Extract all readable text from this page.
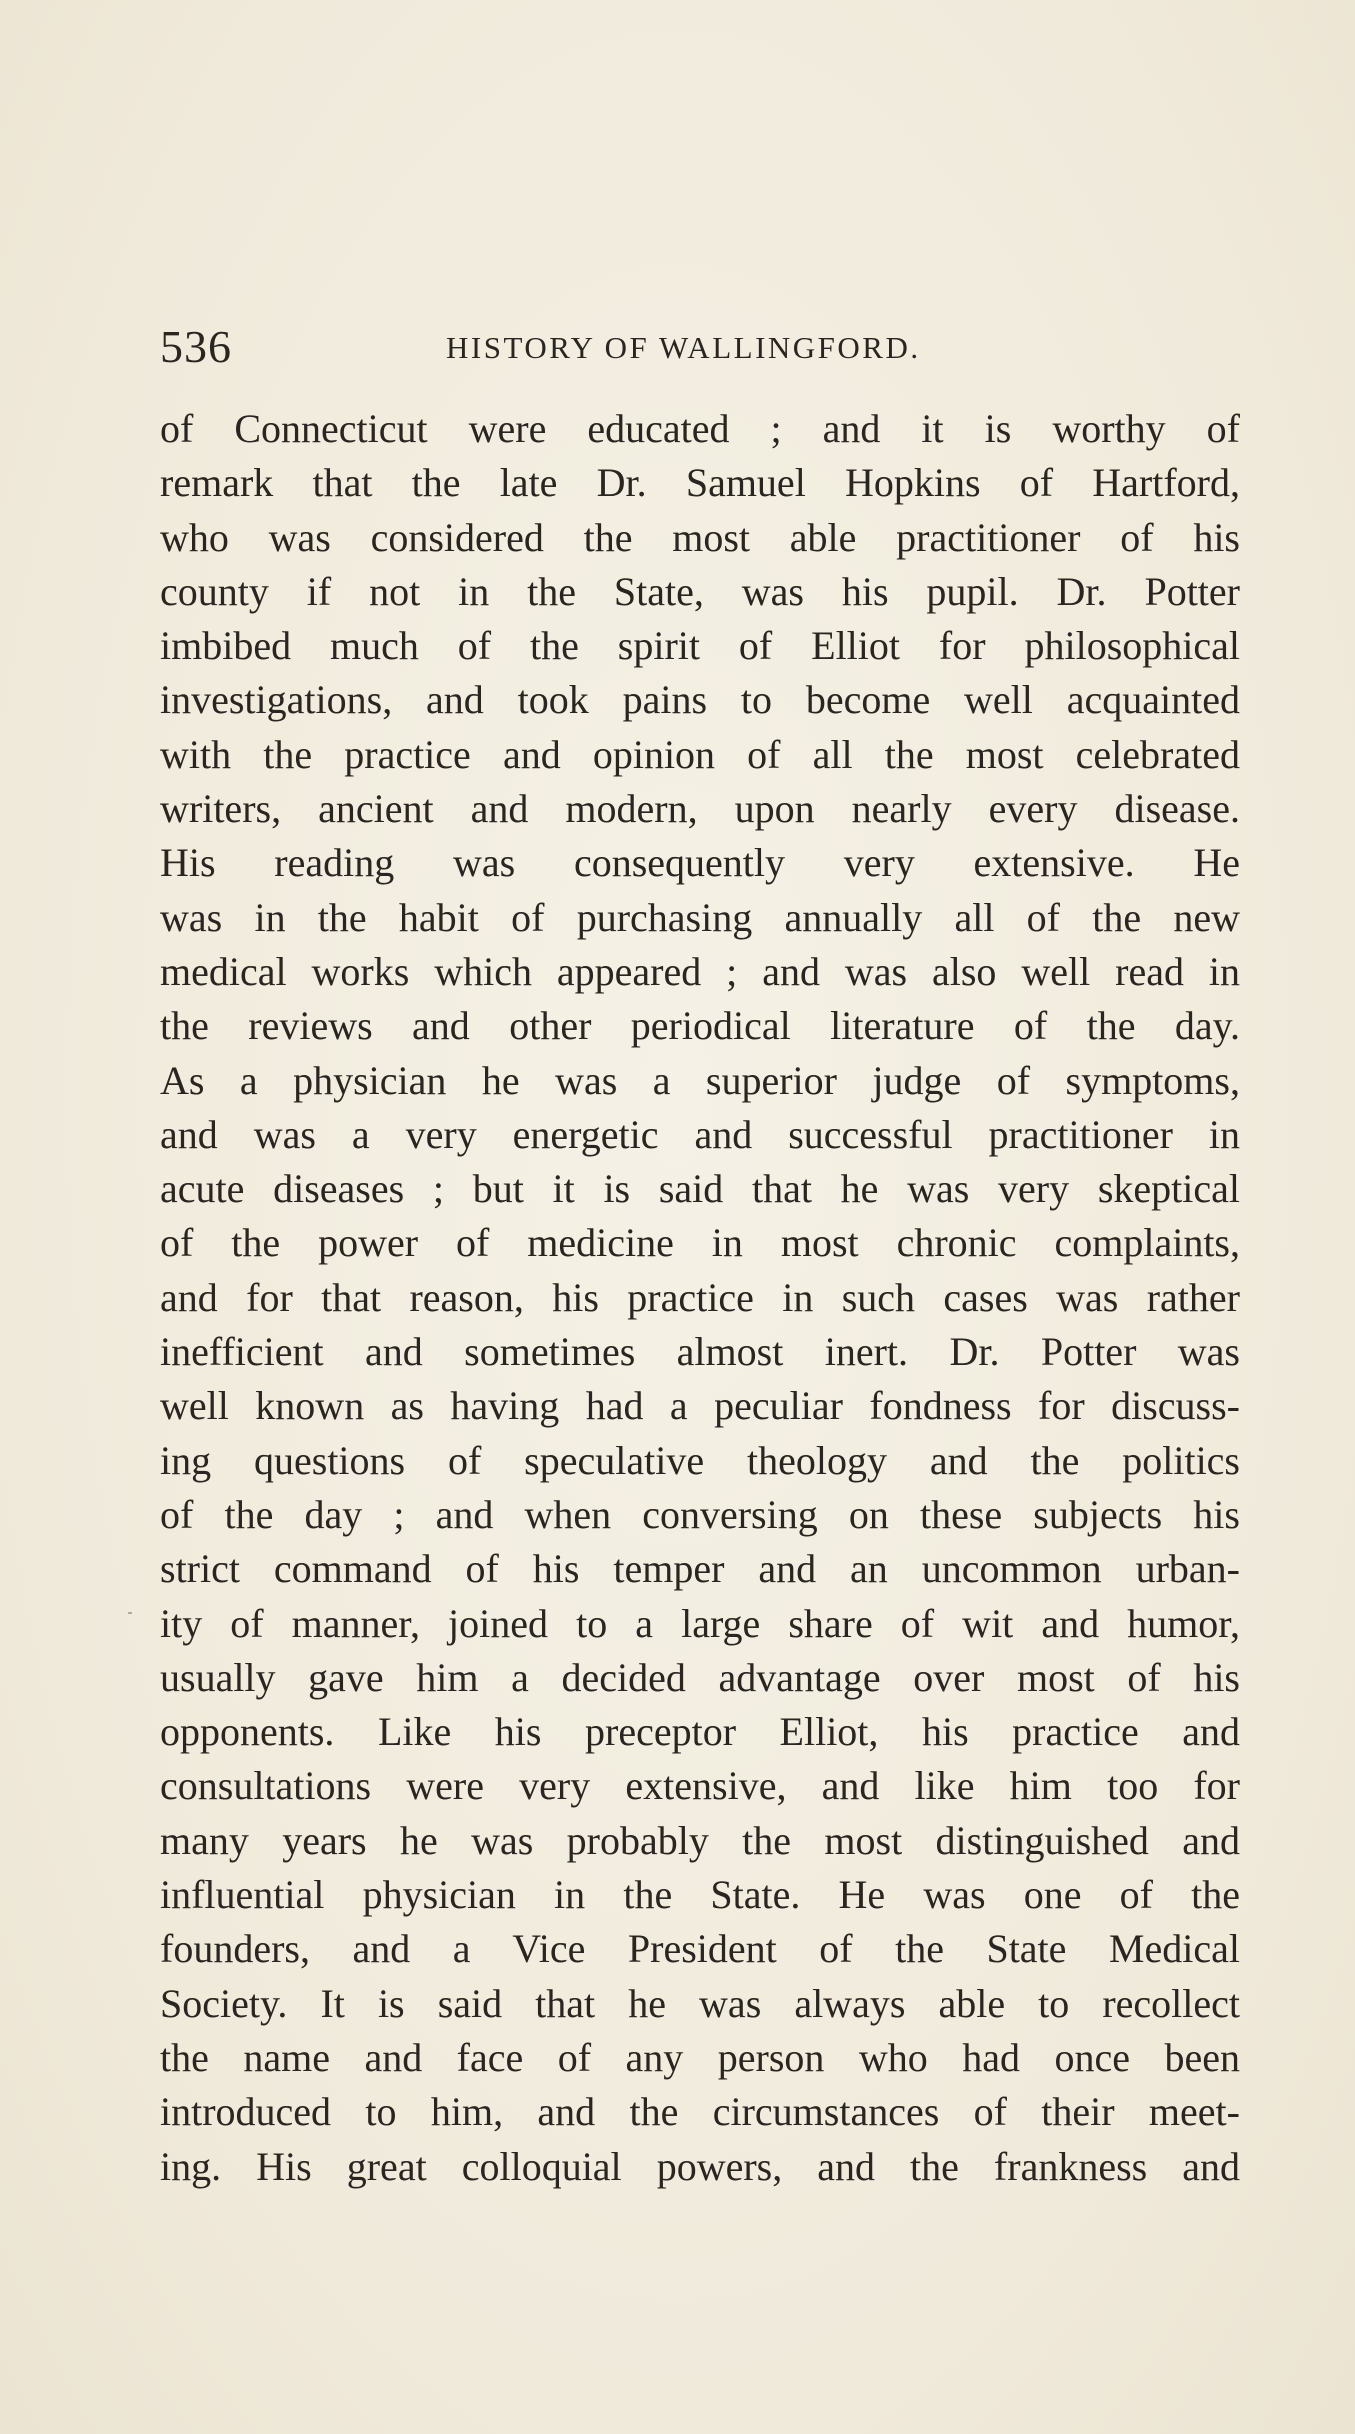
536	HISTORY OF WALLINGFORD.
of Connecticut were educated ; and it is worthy of
remark that the late Dr. Samuel Hopkins of Hartford,
who was considered the most able practitioner of his
county if not in the State, was his pupil. Dr. Potter
imbibed much of the spirit of Elliot for philosophical
investigations, and took pains to become well acquainted
with the practice and opinion of all the most celebrated
writers, ancient and modern, upon nearly every disease.
His reading was consequently very extensive. He
was in the habit of purchasing annually all of the new
medical works which appeared ; and was also well read in
the reviews and other periodical literature of the day.
As a physician he was a superior judge of symptoms,
and was a very energetic and successful practitioner in
acute diseases ; but it is said that he was very skeptical
of the power of medicine in most chronic complaints,
and for that reason, his practice in such cases was rather
inefficient and sometimes almost inert. Dr. Potter was
well known as having had a peculiar fondness for discuss-
ing questions of speculative theology and the politics
of the day ; and when conversing on these subjects his
strict command of his temper and an uncommon urban-
ity of manner, joined to a large share of wit and humor,
usually gave him a decided advantage over most of his
opponents. Like his preceptor Elliot, his practice and
consultations were very extensive, and like him too for
many years he was probably the most distinguished and
influential physician in the State. He was one of the
founders, and a Vice President of the State Medical
Society. It is said that he was always able to recollect
the name and face of any person who had once been
introduced to him, and the circumstances of their meet-
ing. His great colloquial powers, and the frankness and
